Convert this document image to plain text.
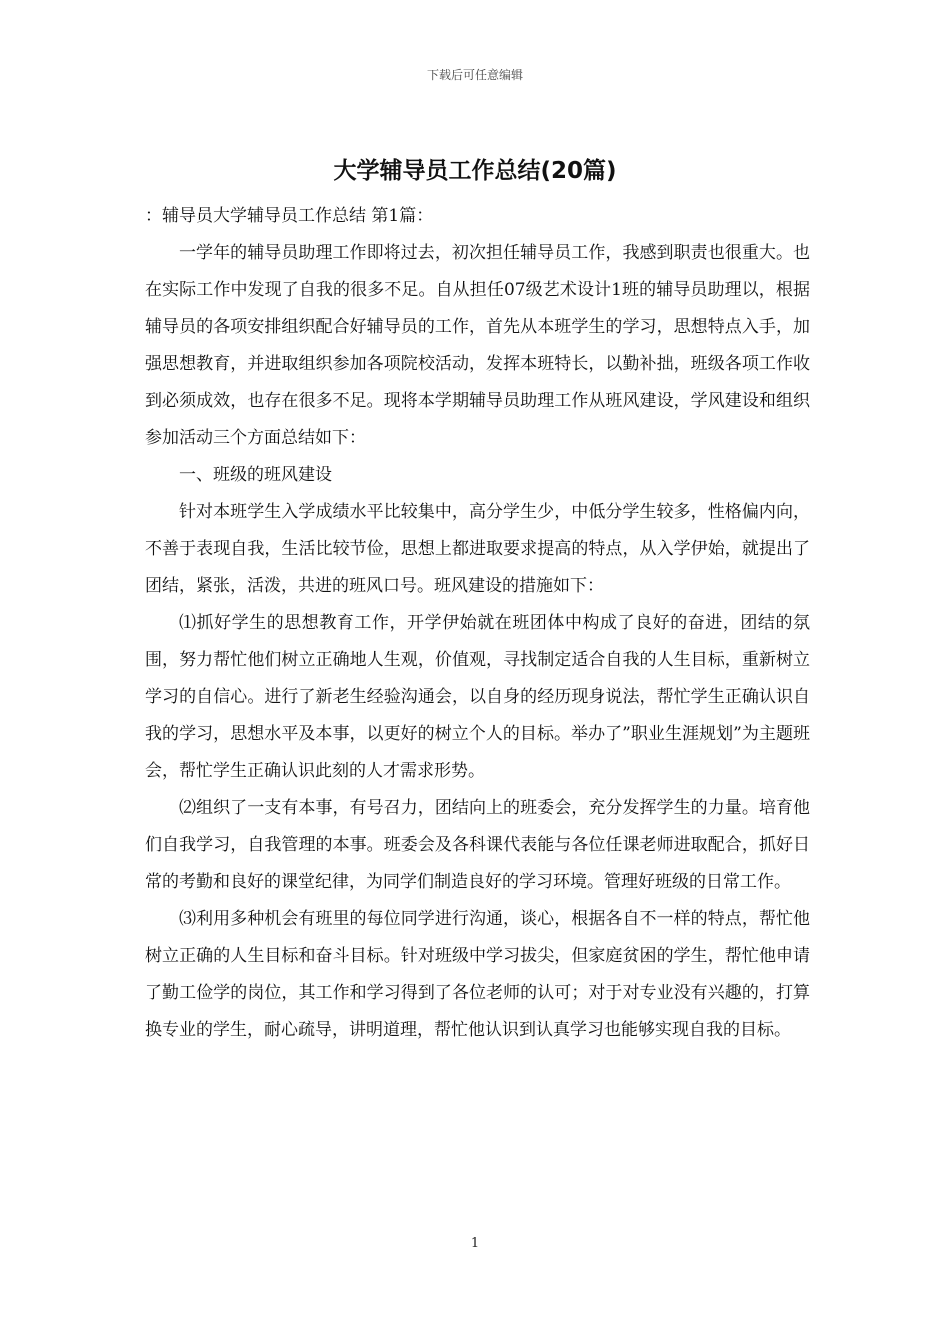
下载后可任意编辑
大学辅导员工作总结(20篇)

：辅导员大学辅导员工作总结 第1篇：

一学年的辅导员助理工作即将过去，初次担任辅导员工作，我感到职责也很重大。也在实际工作中发现了自我的很多不足。自从担任07级艺术设计1班的辅导员助理以，根据辅导员的各项安排组织配合好辅导员的工作，首先从本班学生的学习，思想特点入手，加强思想教育，并进取组织参加各项院校活动，发挥本班特长，以勤补拙，班级各项工作收到必须成效，也存在很多不足。现将本学期辅导员助理工作从班风建设，学风建设和组织参加活动三个方面总结如下：

一、班级的班风建设

针对本班学生入学成绩水平比较集中，高分学生少，中低分学生较多，性格偏内向，不善于表现自我，生活比较节俭，思想上都进取要求提高的特点，从入学伊始，就提出了团结，紧张，活泼，共进的班风口号。班风建设的措施如下：

⑴抓好学生的思想教育工作，开学伊始就在班团体中构成了良好的奋进，团结的氛围，努力帮忙他们树立正确地人生观，价值观，寻找制定适合自我的人生目标，重新树立学习的自信心。进行了新老生经验沟通会，以自身的经历现身说法，帮忙学生正确认识自我的学习，思想水平及本事，以更好的树立个人的目标。举办了”职业生涯规划”为主题班会，帮忙学生正确认识此刻的人才需求形势。

⑵组织了一支有本事，有号召力，团结向上的班委会，充分发挥学生的力量。培育他们自我学习，自我管理的本事。班委会及各科课代表能与各位任课老师进取配合，抓好日常的考勤和良好的课堂纪律，为同学们制造良好的学习环境。管理好班级的日常工作。

⑶利用多种机会有班里的每位同学进行沟通，谈心，根据各自不一样的特点，帮忙他树立正确的人生目标和奋斗目标。针对班级中学习拔尖，但家庭贫困的学生，帮忙他申请了勤工俭学的岗位，其工作和学习得到了各位老师的认可；对于对专业没有兴趣的，打算换专业的学生，耐心疏导，讲明道理，帮忙他认识到认真学习也能够实现自我的目标。

1
